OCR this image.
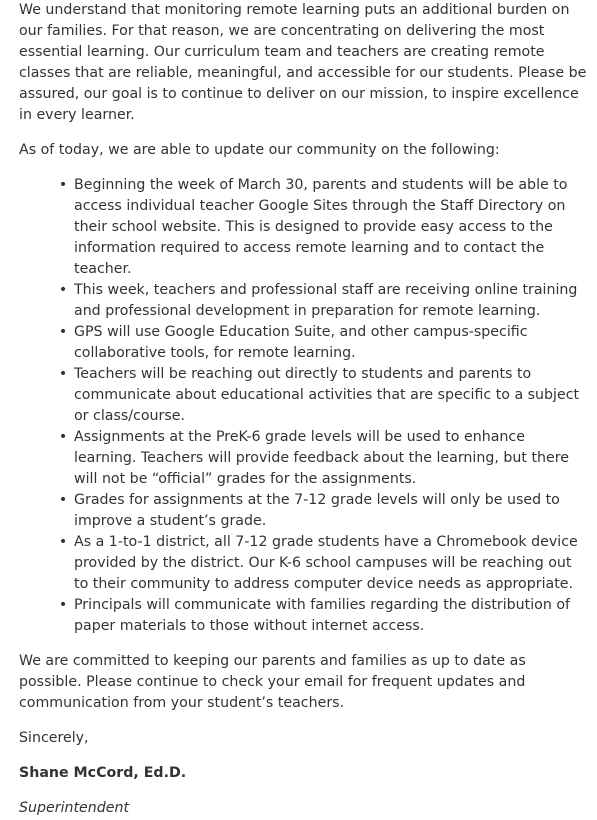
We understand that monitoring remote learning puts an additional burden on our families. For that reason, we are concentrating on delivering the most essential learning. Our curriculum team and teachers are creating remote classes that are reliable, meaningful, and accessible for our students. Please be assured, our goal is to continue to deliver on our mission, to inspire excellence in every learner.

As of today, we are able to update our community on the following:

• Beginning the week of March 30, parents and students will be able to access individual teacher Google Sites through the Staff Directory on their school website. This is designed to provide easy access to the information required to access remote learning and to contact the teacher.
• This week, teachers and professional staff are receiving online training and professional development in preparation for remote learning.
• GPS will use Google Education Suite, and other campus-specific collaborative tools, for remote learning.
• Teachers will be reaching out directly to students and parents to communicate about educational activities that are specific to a subject or class/course.
• Assignments at the PreK-6 grade levels will be used to enhance learning. Teachers will provide feedback about the learning, but there will not be “official” grades for the assignments.
• Grades for assignments at the 7-12 grade levels will only be used to improve a student’s grade.
• As a 1-to-1 district, all 7-12 grade students have a Chromebook device provided by the district. Our K-6 school campuses will be reaching out to their community to address computer device needs as appropriate.
• Principals will communicate with families regarding the distribution of paper materials to those without internet access.

We are committed to keeping our parents and families as up to date as possible. Please continue to check your email for frequent updates and communication from your student’s teachers.

Sincerely,

Shane McCord, Ed.D.

Superintendent
